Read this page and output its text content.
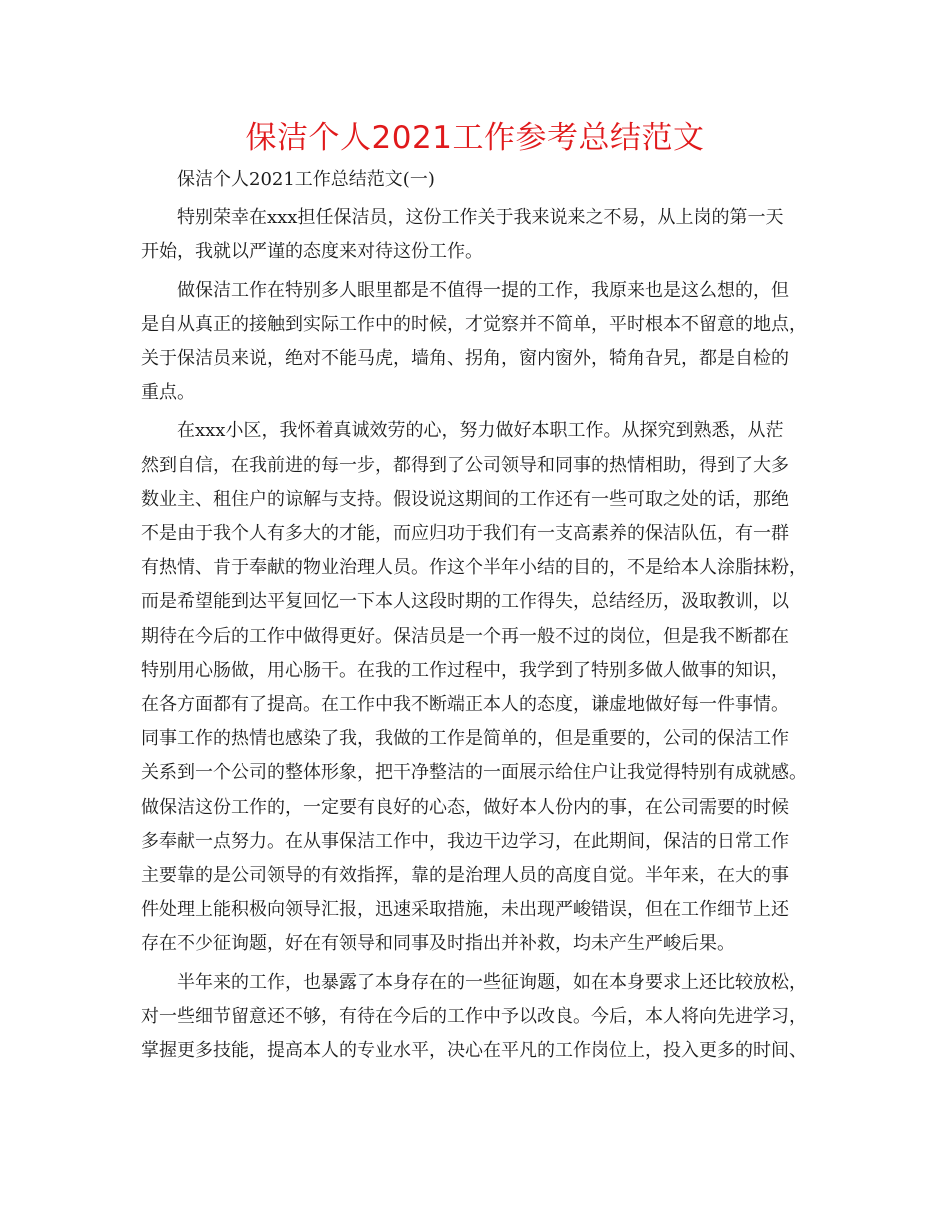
保洁个人2021工作参考总结范文

保洁个人2021工作总结范文(一)

特别荣幸在xxx担任保洁员，这份工作关于我来说来之不易，从上岗的第一天
开始，我就以严谨的态度来对待这份工作。

做保洁工作在特别多人眼里都是不值得一提的工作，我原来也是这么想的，但
是自从真正的接触到实际工作中的时候，才觉察并不简单，平时根本不留意的地点，
关于保洁员来说，绝对不能马虎，墙角、拐角，窗内窗外，犄角旮旯，都是自检的
重点。

在xxx小区，我怀着真诚效劳的心，努力做好本职工作。从探究到熟悉，从茫
然到自信，在我前进的每一步，都得到了公司领导和同事的热情相助，得到了大多
数业主、租住户的谅解与支持。假设说这期间的工作还有一些可取之处的话，那绝
不是由于我个人有多大的才能，而应归功于我们有一支高素养的保洁队伍，有一群
有热情、肯于奉献的物业治理人员。作这个半年小结的目的，不是给本人涂脂抹粉，
而是希望能到达平复回忆一下本人这段时期的工作得失，总结经历，汲取教训，以
期待在今后的工作中做得更好。保洁员是一个再一般不过的岗位，但是我不断都在
特别用心肠做，用心肠干。在我的工作过程中，我学到了特别多做人做事的知识，
在各方面都有了提高。在工作中我不断端正本人的态度，谦虚地做好每一件事情。
同事工作的热情也感染了我，我做的工作是简单的，但是重要的，公司的保洁工作
关系到一个公司的整体形象，把干净整洁的一面展示给住户让我觉得特别有成就感。
做保洁这份工作的，一定要有良好的心态，做好本人份内的事，在公司需要的时候
多奉献一点努力。在从事保洁工作中，我边干边学习，在此期间，保洁的日常工作
主要靠的是公司领导的有效指挥，靠的是治理人员的高度自觉。半年来，在大的事
件处理上能积极向领导汇报，迅速采取措施，未出现严峻错误，但在工作细节上还
存在不少征询题，好在有领导和同事及时指出并补救，均未产生严峻后果。

半年来的工作，也暴露了本身存在的一些征询题，如在本身要求上还比较放松，
对一些细节留意还不够，有待在今后的工作中予以改良。今后，本人将向先进学习，
掌握更多技能，提高本人的专业水平，决心在平凡的工作岗位上，投入更多的时间、
